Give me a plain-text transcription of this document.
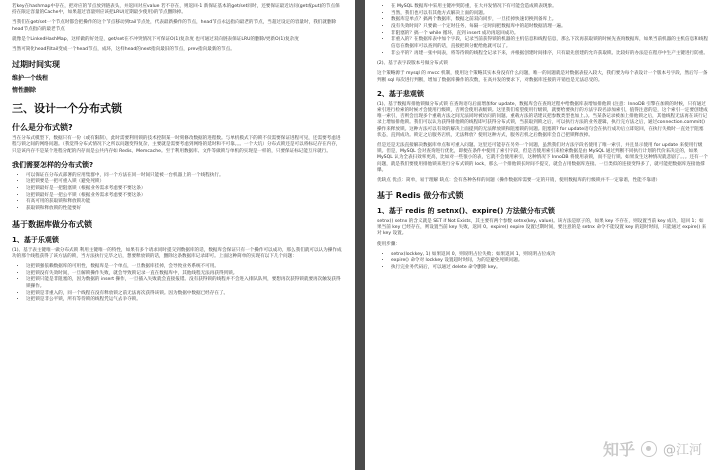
若key在hashmap中存在，把对应的节点放到链表头，并返回对应value 若不存在，则返回-1 新保证基本的get/set同时，还要保证最近访问(get或put)的节点保持在限定容量的Cache中，如果超过容量则应该把LRU(近期最少使用)的节点删除掉。

当我们在get/set一个节点时都会把操作的这个节点移动到tail节点处，代表最新操作的节点，head节点永远指向最老的节点，当超过设定的容量时，我们就删除head节点指向的最老节点

就像是个LinkedHashMap，这样做的好处是，get/set在不冲突情况下可保证O(1)复杂度 也可通过双向链表保证LRU的删除/更新O(1)复杂度

当然可简化head和tail变成一个head节点，成环，这样head的next指向最旧的节点，prev指向最新的节点。

过期时间实现
维护一个线程
惰性删除
三、设计一个分布式锁
什么是分布式锁?

当在分布式模型下，数据只有一份（或有限制），此时需要利用锁的技术控制某一时刻修改数据的进程数。与单机模式下的锁不仅需要保证进程可见，还需要考虑进程与锁之间的网络问题。（我觉得分布式情况下之所以问题变得复杂，主要就是需要考虑到网络的延时和不可靠。。。一个大坑）分布式锁还是可以将标记存在内存，只是该内存不是某个进程分配的内存而是公共内存如 Redis、Memcache。至于利用数据库、文件等做锁与单机的实现是一样的，只要保证标记能互斥就行。

我们需要怎样的分布式锁?
• 可以保证在分布式部署的应用集群中，同一个方法在同一时间只能被一台机器上的一个线程执行。
• 这把锁要是一把可重入锁（避免死锁）
• 这把锁最好是一把阻塞锁（根据业务需求考虑要不要这条）
• 这把锁最好是一把公平锁（根据业务需求考虑要不要这条）
• 有高可用的获取锁和释放锁功能
• 获取锁和释放锁的性能要好
基于数据库做分布式锁
1、基于乐观锁

(1)、基于表主键唯一做分布式锁 利用主键唯一的特性，如果有多个请求同时提交到数据库的话，数据库会保证只有一个操作可以成功，那么我们就可以认为操作成功的那个线程获得了该方法的锁，当方法执行完毕之后，想要释放锁的话，删除这条数据库记录即可。上面这种简单的实现有以下几个问题：

• 这把锁强依赖数据库的可用性，数据库是一个单点，一旦数据库挂掉，会导致业务系统不可用。
• 这把锁没有失效时间，一旦解锁操作失败，就会导致锁记录一直在数据库中，其他线程无法再获得到锁。
• 这把锁只能是非阻塞的，因为数据的 insert 操作，一旦插入失败就会直接报错。没有获得锁的线程并不会进入排队队列，要想再次获得锁就要再次触发获得锁操作。
• 这把锁是非重入的，同一个线程在没有释放锁之前无法再次获得该锁。因为数据中数据已经存在了。
• 这把锁是非公平锁，所有等待锁的线程凭运气去争夺锁。
• 在 MySQL 数据库中采用主键冲突防重，在大并发情况下有可能会造成锁表现象。
• 当然，我们也可以有其他方式解决上面的问题。
• 数据库是单点？搞两个数据库，数据之前双向同步，一旦挂掉快速切换到备库上。
• 没有失效时间？只要做一个定时任务，每隔一定时间把数据库中的超时数据清理一遍。
• 非阻塞的？搞一个 while 循环，直到 insert 成功再返回成功。
• 非重入的？在数据库表中加个字段，记录当前获得锁的机器的主机信息和线程信息，那么下次再获取锁的时候先查询数据库，如果当前机器的主机信息和线程信息在数据库可以查到的话，直接把锁分配给他就可以了。
• 非公平的？再建一张中间表，将等待锁的线程全记录下来，并根据创建时间排序，只有最先创建的允许获取锁。比较好的办法是在程序中生产主键进行防重。

(2)、基于表字段版本号做分布式锁

这个策略源于 mysql 的 mvcc 机制，使用这个策略其实本身没有什么问题，唯一的问题就是对数据表侵入较大，我们要为每个表设计一个版本号字段，然后写一条判断 sql 每次进行判断，增加了数据库操作的次数，在高并发的要求下，对数据库连接的开销也是无法忍受的。

2、基于悲观锁

(1)、基于数据库排他锁做分布式锁 在查询语句后面增加for update，数据库会在查询过程中给数据库表增加排他锁 (注意：InnoDB 引擎在加锁的时候，只有通过索引进行检索的时候才会使用行级锁，否则会使用表级锁。这里我们希望使用行级锁，就要给要执行的方法字段名添加索引，值得注意的是，这个索引一定要创建成唯一索引，否则会出现多个重载方法之间无法同时被访问的问题。重载方法的话建议把参数类型也加上。)。当某条记录被加上排他锁之后，其他线程无法再在该行记录上增加排他锁。我们可以认为获得排他锁的线程即可获得分布式锁，当获取到锁之后，可以执行方法的业务逻辑，执行完方法之后，通过connection.commit()操作来释放锁。这种方法可以有效的解决上面提到的无法释放锁和阻塞锁的问题。阻塞锁? for update语句会在执行成功后立即返回，在执行失败时一直处于阻塞状态，直到成功。锁定之后服务宕机，无法释放？使用这种方式，服务宕机之后数据库会自己把锁释放掉。

但是还是无法直接解决数据库单点和可重入问题。这里还可能存在另外一个问题，虽然我们对方法字段名使用了唯一索引，并且显示使用 for update 来使用行级锁。但是，MySQL 会对查询进行优化，即便在条件中使用了索引字段，但是否使用索引来检索数据是由 MySQL 通过判断不同执行计划的代价来决定的，如果 MySQL 认为全表扫效率更高，比如对一些很小的表，它就不会使用索引，这种情况下 InnoDB 将使用表锁，而不是行锁。如果发生这种情况就悲剧了。。。还有一个问题，就是我们要使用排他锁来进行分布式锁的 lock，那么一个排他锁长时间不提交，就会占用数据库连接。一旦类似的连接变得多了，就可能把数据库连接池撑爆。

优缺点 优点：简单，易于理解 缺点：会有各种各样的问题（操作数据库需要一定的开销，使用数据库的行级锁并不一定靠谱，性能不靠谱）

基于 Redis 做分布式锁
1、基于 redis 的 setnx()、expire() 方法做分布式锁

setnx() setnx 的含义就是 SET if Not Exists，其主要有两个参数 setnx(key, value)。该方法是原子的，如果 key 不存在，则设置当前 key 成功，返回 1；如果当前 key 已经存在，则设置当前 key 失败，返回 0。expire() expire 设置过期时间，要注意的是 setnx 命令不能设置 key 的超时时间，只能通过 expire() 来对 key 设置。

使用步骤：

• setnx(lockkey, 1) 如果返回 0，则说明占位失败；如果返回 1，则说明占位成功
• expire() 命令对 lockkey 设置超时时间，为的是避免死锁问题。
• 执行完业务代码后，可以通过 delete 命令删除 key。
知乎 @江河
